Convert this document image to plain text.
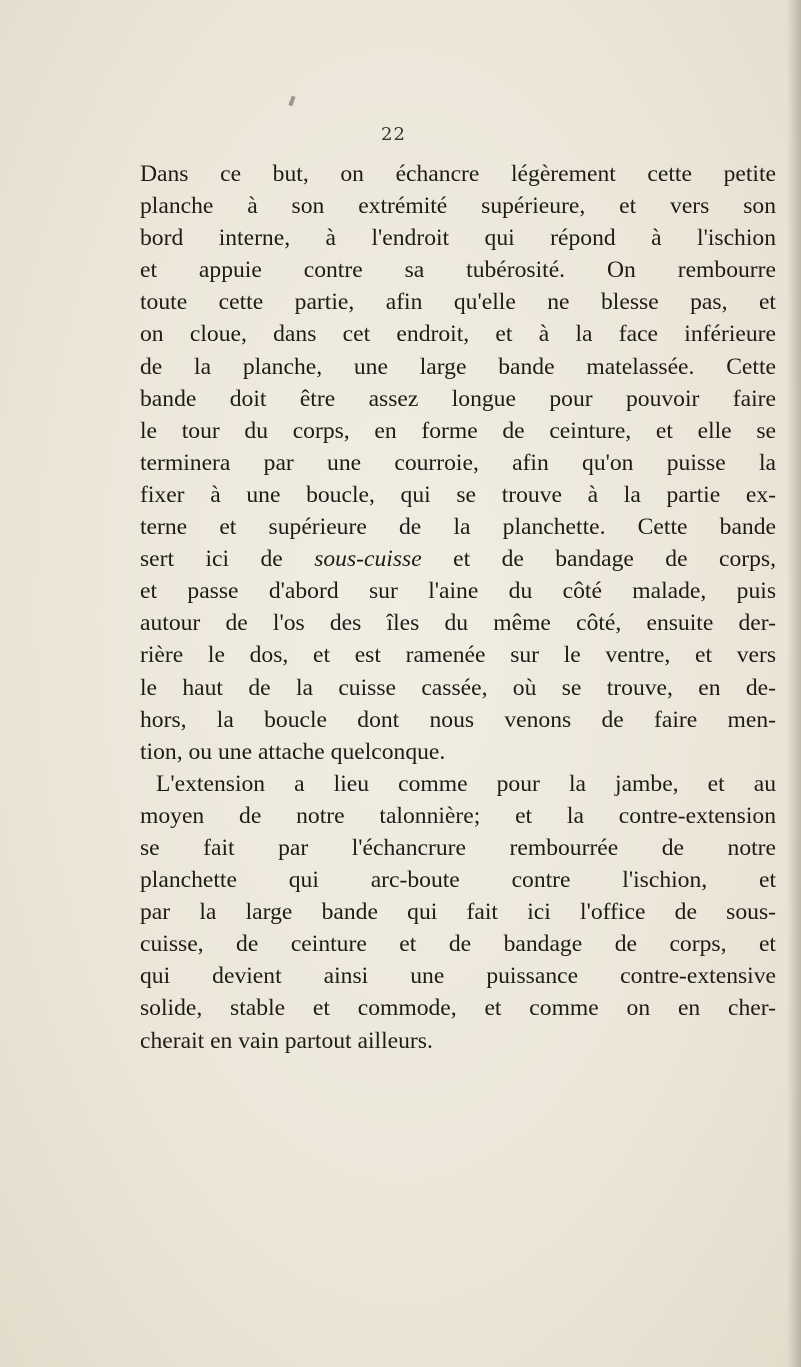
22
Dans ce but, on échancre légèrement cette petite
planche à son extrémité supérieure, et vers son
bord interne, à l'endroit qui répond à l'ischion
et appuie contre sa tubérosité. On rembourre
toute cette partie, afin qu'elle ne blesse pas, et
on cloue, dans cet endroit, et à la face inférieure
de la planche, une large bande matelassée. Cette
bande doit être assez longue pour pouvoir faire
le tour du corps, en forme de ceinture, et elle se
terminera par une courroie, afin qu'on puisse la
fixer à une boucle, qui se trouve à la partie ex-
terne et supérieure de la planchette. Cette bande
sert ici de sous-cuisse et de bandage de corps,
et passe d'abord sur l'aine du côté malade, puis
autour de l'os des îles du même côté, ensuite der-
rière le dos, et est ramenée sur le ventre, et vers
le haut de la cuisse cassée, où se trouve, en de-
hors, la boucle dont nous venons de faire men-
tion, ou une attache quelconque.
L'extension a lieu comme pour la jambe, et au
moyen de notre talonnière; et la contre-extension
se fait par l'échancrure rembourrée de notre
planchette qui arc-boute contre l'ischion, et
par la large bande qui fait ici l'office de sous-
cuisse, de ceinture et de bandage de corps, et
qui devient ainsi une puissance contre-extensive
solide, stable et commode, et comme on en cher-
cherait en vain partout ailleurs.
